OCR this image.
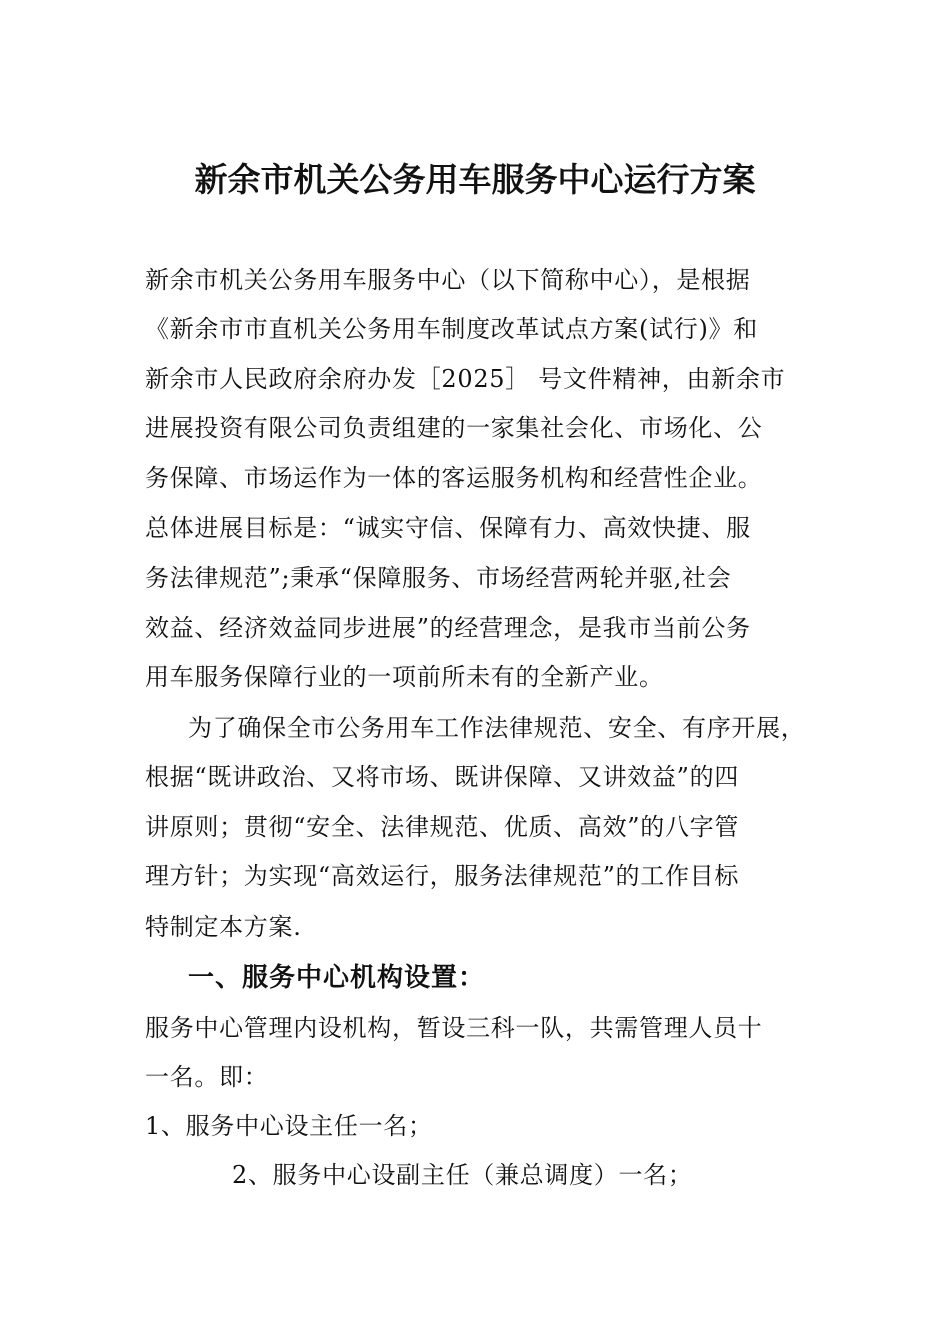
新余市机关公务用车服务中心运行方案
新余市机关公务用车服务中心（以下简称中心），是根据
《新余市市直机关公务用车制度改革试点方案(试行)》和
新余市人民政府余府办发［2025］ 号文件精神，由新余市
进展投资有限公司负责组建的一家集社会化、市场化、公
务保障、市场运作为一体的客运服务机构和经营性企业。
总体进展目标是：“诚实守信、保障有力、高效快捷、服
务法律规范”;秉承“保障服务、市场经营两轮并驱,社会
效益、经济效益同步进展”的经营理念，是我市当前公务
用车服务保障行业的一项前所未有的全新产业。
为了确保全市公务用车工作法律规范、安全、有序开展，
根据“既讲政治、又将市场、既讲保障、又讲效益”的四
讲原则；贯彻“安全、法律规范、优质、高效”的八字管
理方针；为实现“高效运行，服务法律规范”的工作目标
特制定本方案.
一、服务中心机构设置：
服务中心管理内设机构，暂设三科一队，共需管理人员十
一名。即：
1、服务中心设主任一名；
2、服务中心设副主任（兼总调度）一名；
